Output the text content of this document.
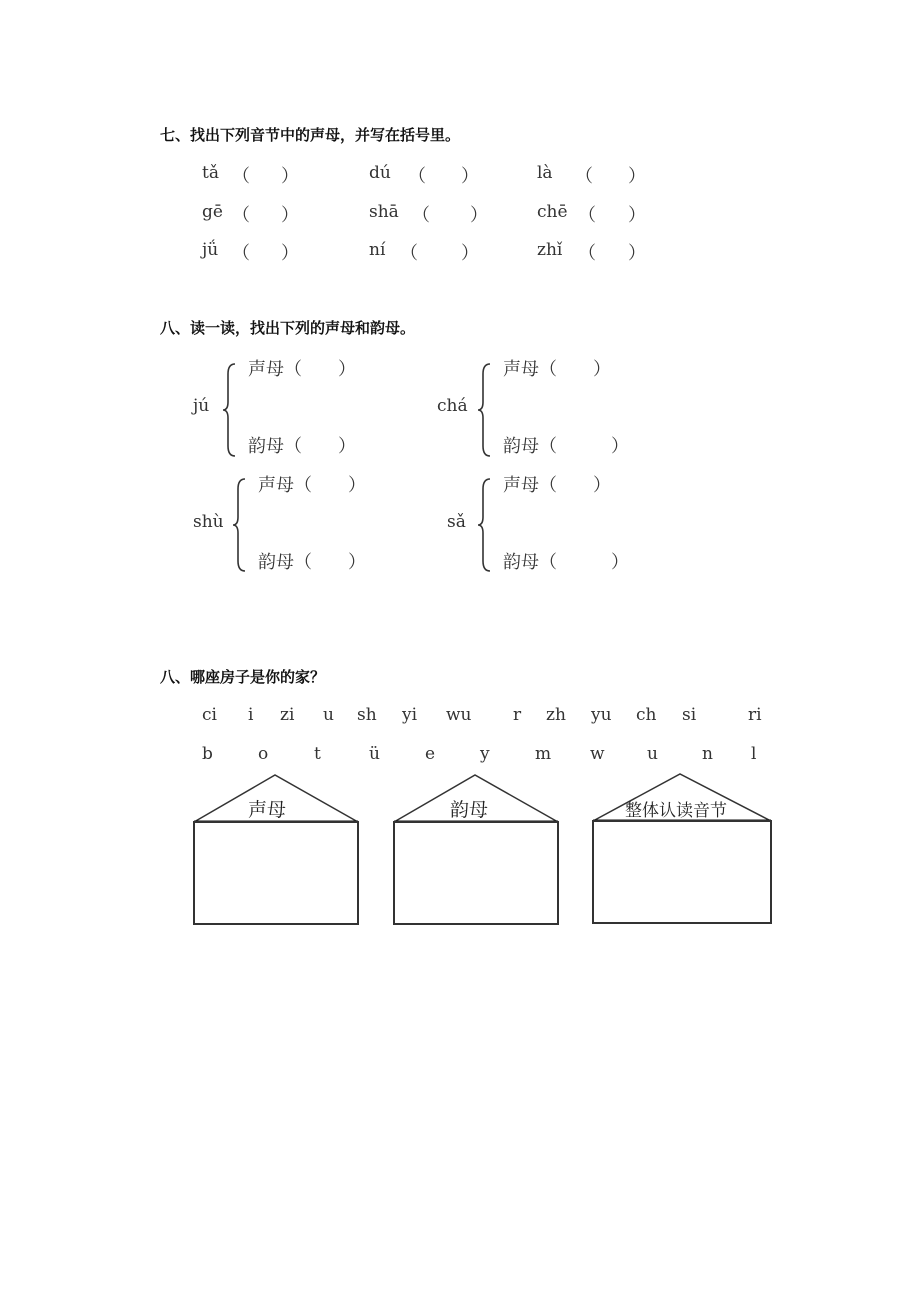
七、找出下列音节中的声母，并写在括号里。
tǎ （ ）	dú （ ）	là （ ）
gē （ ）	shā （ ）	chē （ ）
jǘ （ ）	ní （ ）	zhǐ （ ）
八、读一读，找出下列的声母和韵母。
jú
声母（　　）
韵母（　　）
chá
声母（　　）
韵母（　　　）
shù
声母（　　）
韵母（　　）
sǎ
声母（　　）
韵母（　　　）
八、哪座房子是你的家？
ci i zi u sh yi wu r zh yu ch si	ri
b	o	t	ü	e	y	m w u	n l
声母	韵母	整体认读音节
